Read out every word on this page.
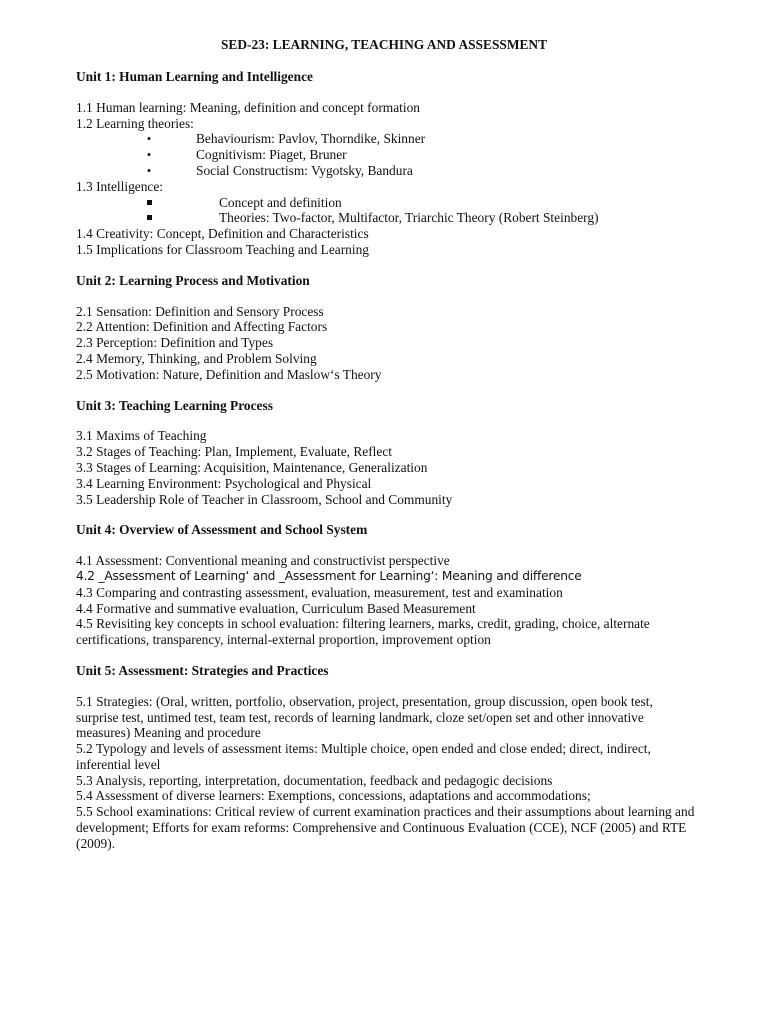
SED-23: LEARNING, TEACHING AND ASSESSMENT

Unit 1: Human Learning and Intelligence

1.1 Human learning: Meaning, definition and concept formation

1.2 Learning theories:

•
Behaviourism: Pavlov, Thorndike, Skinner
•
Cognitivism: Piaget, Bruner
•
Social Constructism: Vygotsky, Bandura

1.3 Intelligence:

Concept and definition
Theories: Two-factor, Multifactor, Triarchic Theory (Robert Steinberg)

1.4 Creativity: Concept, Definition and Characteristics

1.5 Implications for Classroom Teaching and Learning

Unit 2: Learning Process and Motivation

2.1 Sensation: Definition and Sensory Process

2.2 Attention: Definition and Affecting Factors

2.3 Perception: Definition and Types

2.4 Memory, Thinking, and Problem Solving

2.5 Motivation: Nature, Definition and Maslow‘s Theory

Unit 3: Teaching Learning Process

3.1 Maxims of Teaching

3.2 Stages of Teaching: Plan, Implement, Evaluate, Reflect

3.3 Stages of Learning: Acquisition, Maintenance, Generalization

3.4 Learning Environment: Psychological and Physical

3.5 Leadership Role of Teacher in Classroom, School and Community

Unit 4: Overview of Assessment and School System

4.1 Assessment: Conventional meaning and constructivist perspective

4.2 _Assessment of Learning‘ and _Assessment for Learning‘: Meaning and difference

4.3 Comparing and contrasting assessment, evaluation, measurement, test and examination

4.4 Formative and summative evaluation, Curriculum Based Measurement

4.5 Revisiting key concepts in school evaluation: filtering learners, marks, credit, grading, choice, alternate certifications, transparency, internal-external proportion, improvement option

Unit 5: Assessment: Strategies and Practices

5.1 Strategies: (Oral, written, portfolio, observation, project, presentation, group discussion, open book test, surprise test, untimed test, team test, records of learning landmark, cloze set/open set and other innovative measures) Meaning and procedure

5.2 Typology and levels of assessment items: Multiple choice, open ended and close ended; direct, indirect, inferential level

5.3 Analysis, reporting, interpretation, documentation, feedback and pedagogic decisions

5.4 Assessment of diverse learners: Exemptions, concessions, adaptations and accommodations;

5.5 School examinations: Critical review of current examination practices and their assumptions about learning and development; Efforts for exam reforms: Comprehensive and Continuous Evaluation (CCE), NCF (2005) and RTE (2009).
